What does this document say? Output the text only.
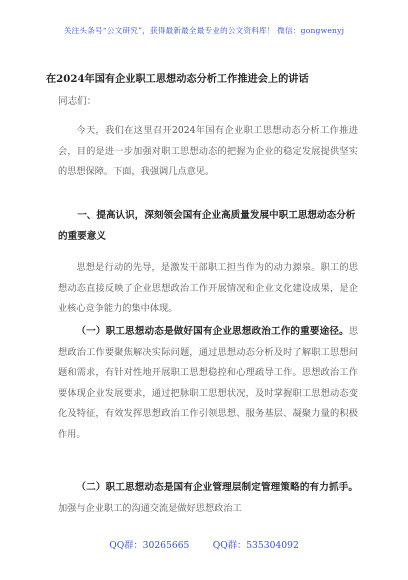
关注头条号“公文研究”，获得最新最全最专业的公文资料库！ 微信：gongwenyj
在2024年国有企业职工思想动态分析工作推进会上的讲话
同志们：
今天，我们在这里召开2024年国有企业职工思想动态分析工作推进会，目的是进一步加强对职工思想动态的把握为企业的稳定发展提供坚实的思想保障。下面，我强调几点意见。
一、提高认识，深刻领会国有企业高质量发展中职工思想动态分析的重要意义
思想是行动的先导，是激发干部职工担当作为的动力源泉。职工的思想动态直接反映了企业思想政治工作开展情况和企业文化建设成果，是企业核心竞争能力的集中体现。
（一）职工思想动态是做好国有企业思想政治工作的重要途径。思想政治工作要聚焦解决实际问题，通过思想动态分析及时了解职工思想问题和需求，有针对性地开展职工思想稳控和心理疏导工作。思想政治工作要体现企业发展要求，通过把脉职工思想状况，及时掌握职工思想动态变化及特征，有效发挥思想政治工作引领思想、服务基层、凝聚力量的积极作用。
（二）职工思想动态是国有企业管理层制定管理策略的有力抓手。加强与企业职工的沟通交流是做好思想政治工
QQ群：30265665        QQ群：535304092
